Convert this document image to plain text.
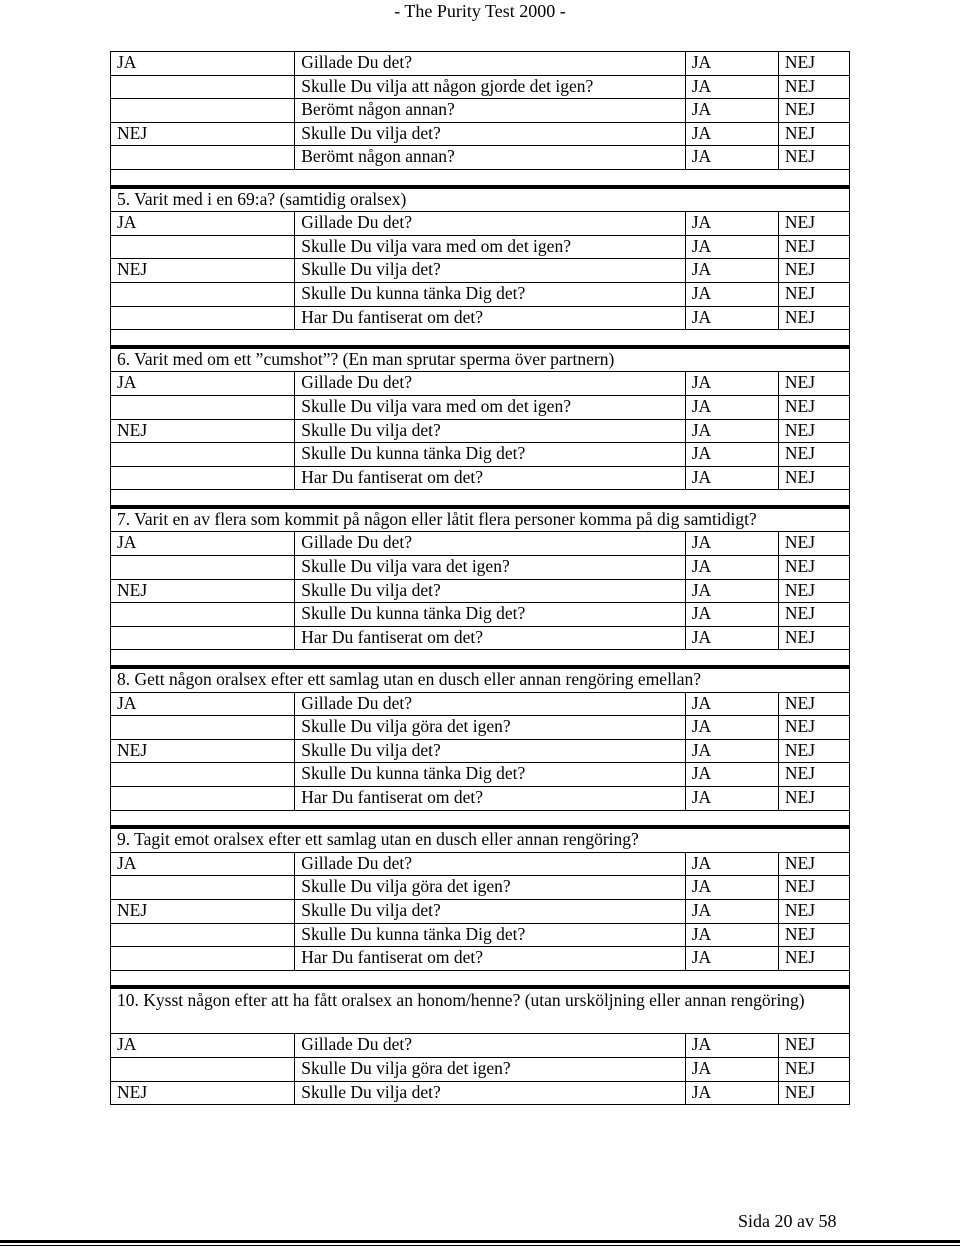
- The Purity Test 2000 -
JA	Gillade Du det?	JA	NEJ
	Skulle Du vilja att någon gjorde det igen?	JA	NEJ
	Berömt någon annan?	JA	NEJ
NEJ	Skulle Du vilja det?	JA	NEJ
	Berömt någon annan?	JA	NEJ

5. Varit med i en 69:a? (samtidig oralsex)			
JA	Gillade Du det?	JA	NEJ
	Skulle Du vilja vara med om det igen?	JA	NEJ
NEJ	Skulle Du vilja det?	JA	NEJ
	Skulle Du kunna tänka Dig det?	JA	NEJ
	Har Du fantiserat om det?	JA	NEJ

6. Varit med om ett ”cumshot”? (En man sprutar sperma över partnern)			
JA	Gillade Du det?	JA	NEJ
	Skulle Du vilja vara med om det igen?	JA	NEJ
NEJ	Skulle Du vilja det?	JA	NEJ
	Skulle Du kunna tänka Dig det?	JA	NEJ
	Har Du fantiserat om det?	JA	NEJ

7. Varit en av flera som kommit på någon eller låtit flera personer komma på dig samtidigt?			
JA	Gillade Du det?	JA	NEJ
	Skulle Du vilja vara det igen?	JA	NEJ
NEJ	Skulle Du vilja det?	JA	NEJ
	Skulle Du kunna tänka Dig det?	JA	NEJ
	Har Du fantiserat om det?	JA	NEJ

8. Gett någon oralsex efter ett samlag utan en dusch eller annan rengöring emellan?			
JA	Gillade Du det?	JA	NEJ
	Skulle Du vilja göra det igen?	JA	NEJ
NEJ	Skulle Du vilja det?	JA	NEJ
	Skulle Du kunna tänka Dig det?	JA	NEJ
	Har Du fantiserat om det?	JA	NEJ

9. Tagit emot oralsex efter ett samlag utan en dusch eller annan rengöring?			
JA	Gillade Du det?	JA	NEJ
	Skulle Du vilja göra det igen?	JA	NEJ
NEJ	Skulle Du vilja det?	JA	NEJ
	Skulle Du kunna tänka Dig det?	JA	NEJ
	Har Du fantiserat om det?	JA	NEJ

10. Kysst någon efter att ha fått oralsex an honom/henne? (utan ursköljning eller annan rengöring)			
JA	Gillade Du det?	JA	NEJ
	Skulle Du vilja göra det igen?	JA	NEJ
NEJ	Skulle Du vilja det?	JA	NEJ
Sida 20 av 58
